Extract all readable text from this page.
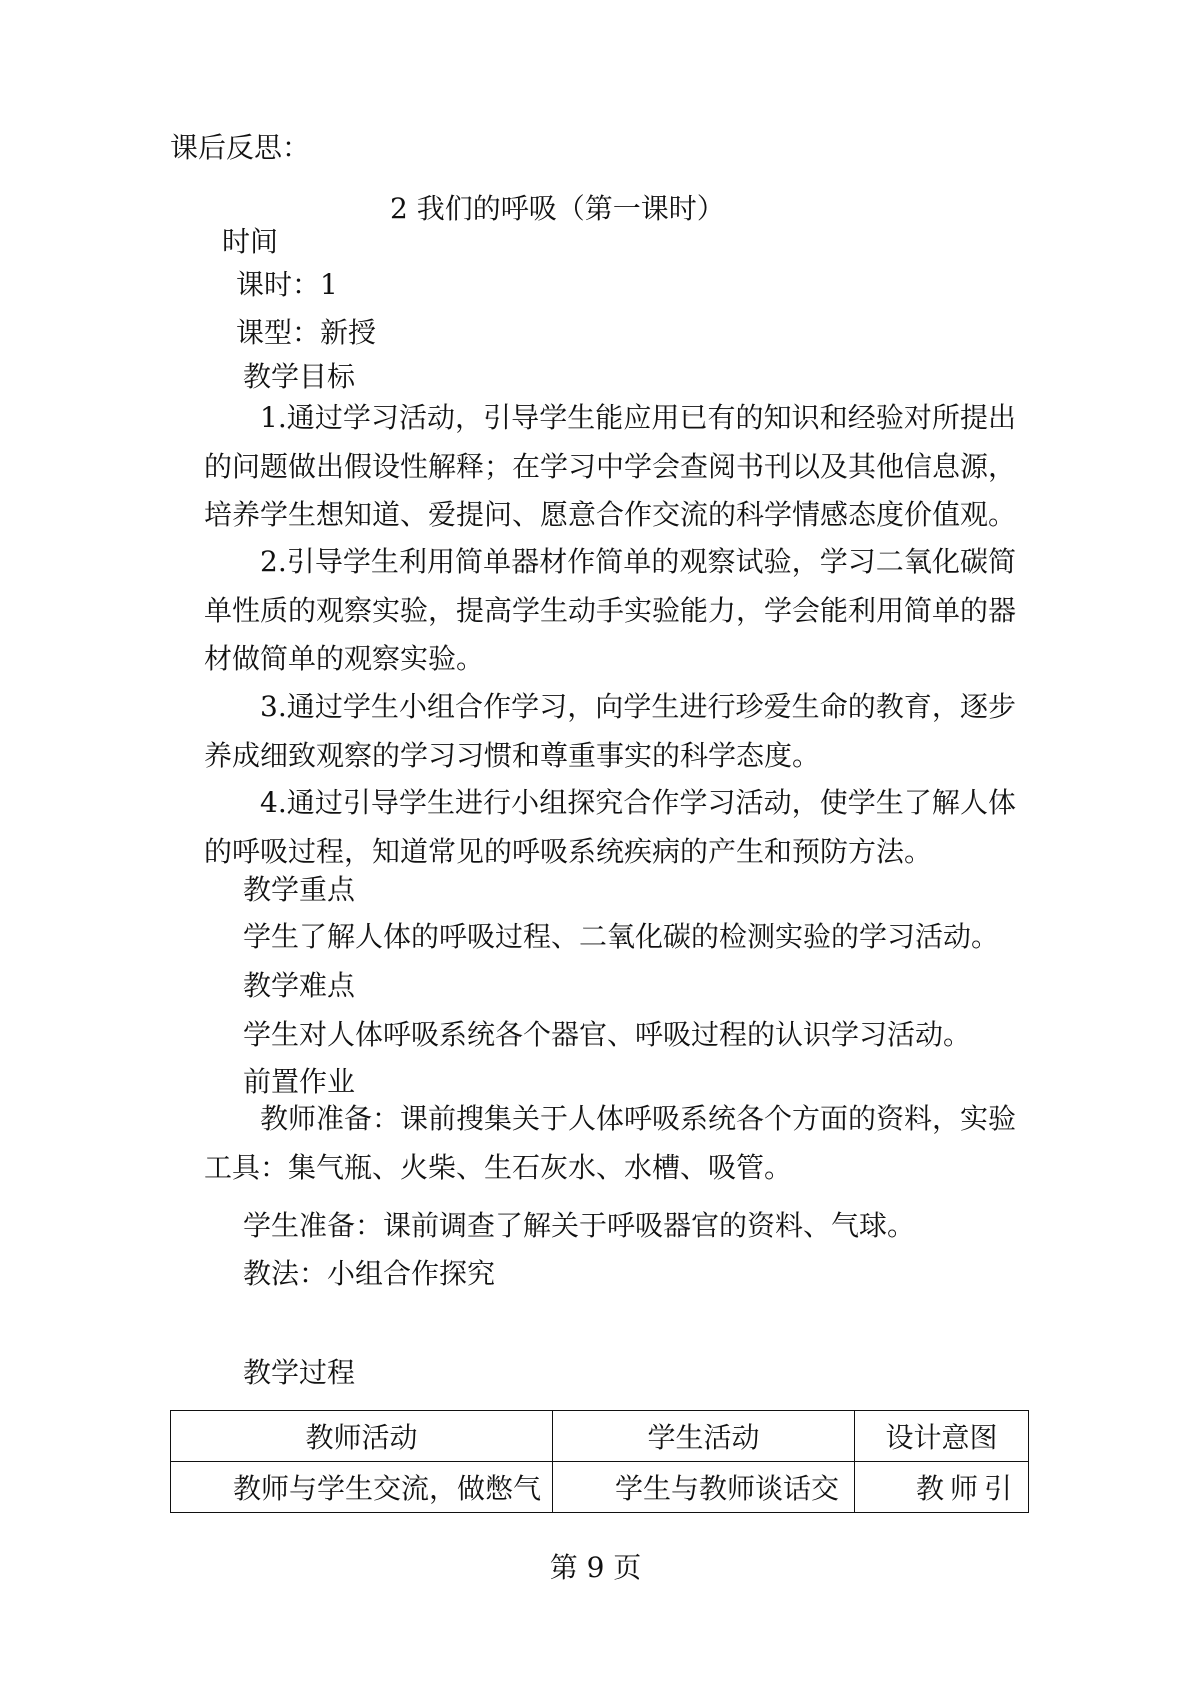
课后反思：
2 我们的呼吸（第一课时）
时间
课时：1
课型：新授
教学目标

1.通过学习活动，引导学生能应用已有的知识和经验对所提出的问题做出假设性解释；在学习中学会查阅书刊以及其他信息源，培养学生想知道、爱提问、愿意合作交流的科学情感态度价值观。

2.引导学生利用简单器材作简单的观察试验，学习二氧化碳简单性质的观察实验，提高学生动手实验能力，学会能利用简单的器材做简单的观察实验。

3.通过学生小组合作学习，向学生进行珍爱生命的教育，逐步养成细致观察的学习习惯和尊重事实的科学态度。

4.通过引导学生进行小组探究合作学习活动，使学生了解人体的呼吸过程，知道常见的呼吸系统疾病的产生和预防方法。

教学重点
学生了解人体的呼吸过程、二氧化碳的检测实验的学习活动。
教学难点
学生对人体呼吸系统各个器官、呼吸过程的认识学习活动。
前置作业

教师准备：课前搜集关于人体呼吸系统各个方面的资料，实验工具：集气瓶、火柴、生石灰水、水槽、吸管。

学生准备：课前调查了解关于呼吸器官的资料、气球。
教法：小组合作探究
教学过程
教师活动	学生活动	设计意图
教师与学生交流，做憋气	学生与教师谈话交	教师引
第 9 页
